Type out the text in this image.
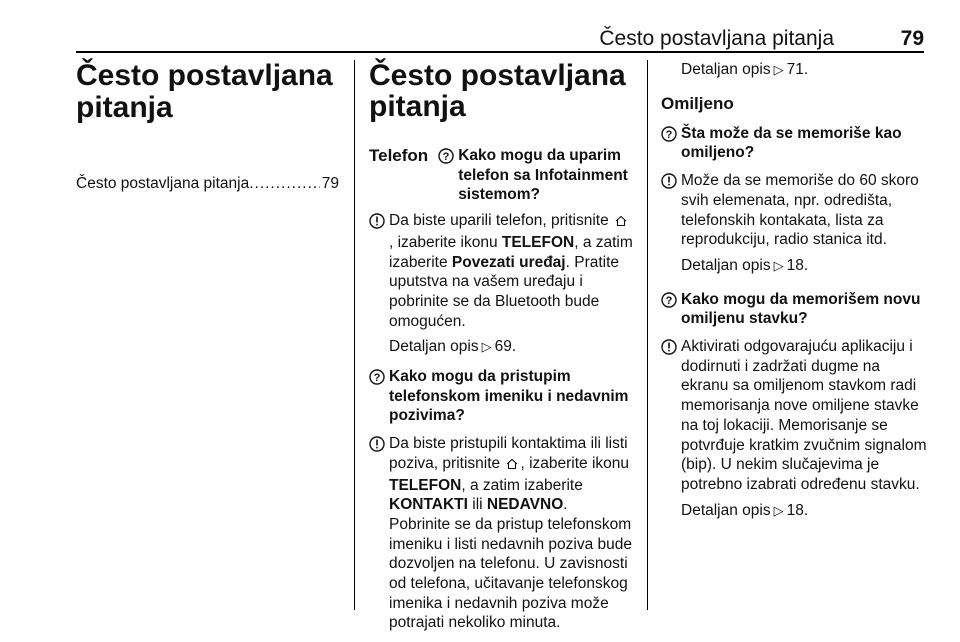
Često postavljana pitanja	79
Često postavljana
pitanja
Često postavljana pitanja
.....	79
Često postavljana
pitanja
Telefon ? Kako mogu da uparim telefon sa Infotainment sistemom?
Da biste uparili telefon, pritisnite , izaberite ikonu TELEFON, a zatim izaberite Povezati uređaj. Pratite uputstva na vašem uređaju i pobrinite se da Bluetooth bude omogućen.
Detaljan opis ▷ 69.
? Kako mogu da pristupim telefonskom imeniku i nedavnim pozivima?
Da biste pristupili kontaktima ili listi poziva, pritisnite , izaberite ikonu TELEFON, a zatim izaberite KONTAKTI ili NEDAVNO.
Pobrinite se da pristup telefonskom imeniku i listi nedavnih poziva bude dozvoljen na telefonu. U zavisnosti od telefona, učitavanje telefonskog imenika i nedavnih poziva može potrajati nekoliko minuta.
Detaljan opis ▷ 71.
Omiljeno
? Šta može da se memoriše kao omiljeno?
Može da se memoriše do 60 skoro svih elemenata, npr. odredišta, telefonskih kontakata, lista za reprodukciju, radio stanica itd.
Detaljan opis ▷ 18.
? Kako mogu da memorišem novu omiljenu stavku?
Aktivirati odgovarajuću aplikaciju i dodirnuti i zadržati dugme na ekranu sa omiljenom stavkom radi memorisanja nove omiljene stavke na toj lokaciji. Memorisanje se potvrđuje kratkim zvučnim signalom (bip). U nekim slučajevima je potrebno izabrati određenu stavku.
Detaljan opis ▷ 18.
